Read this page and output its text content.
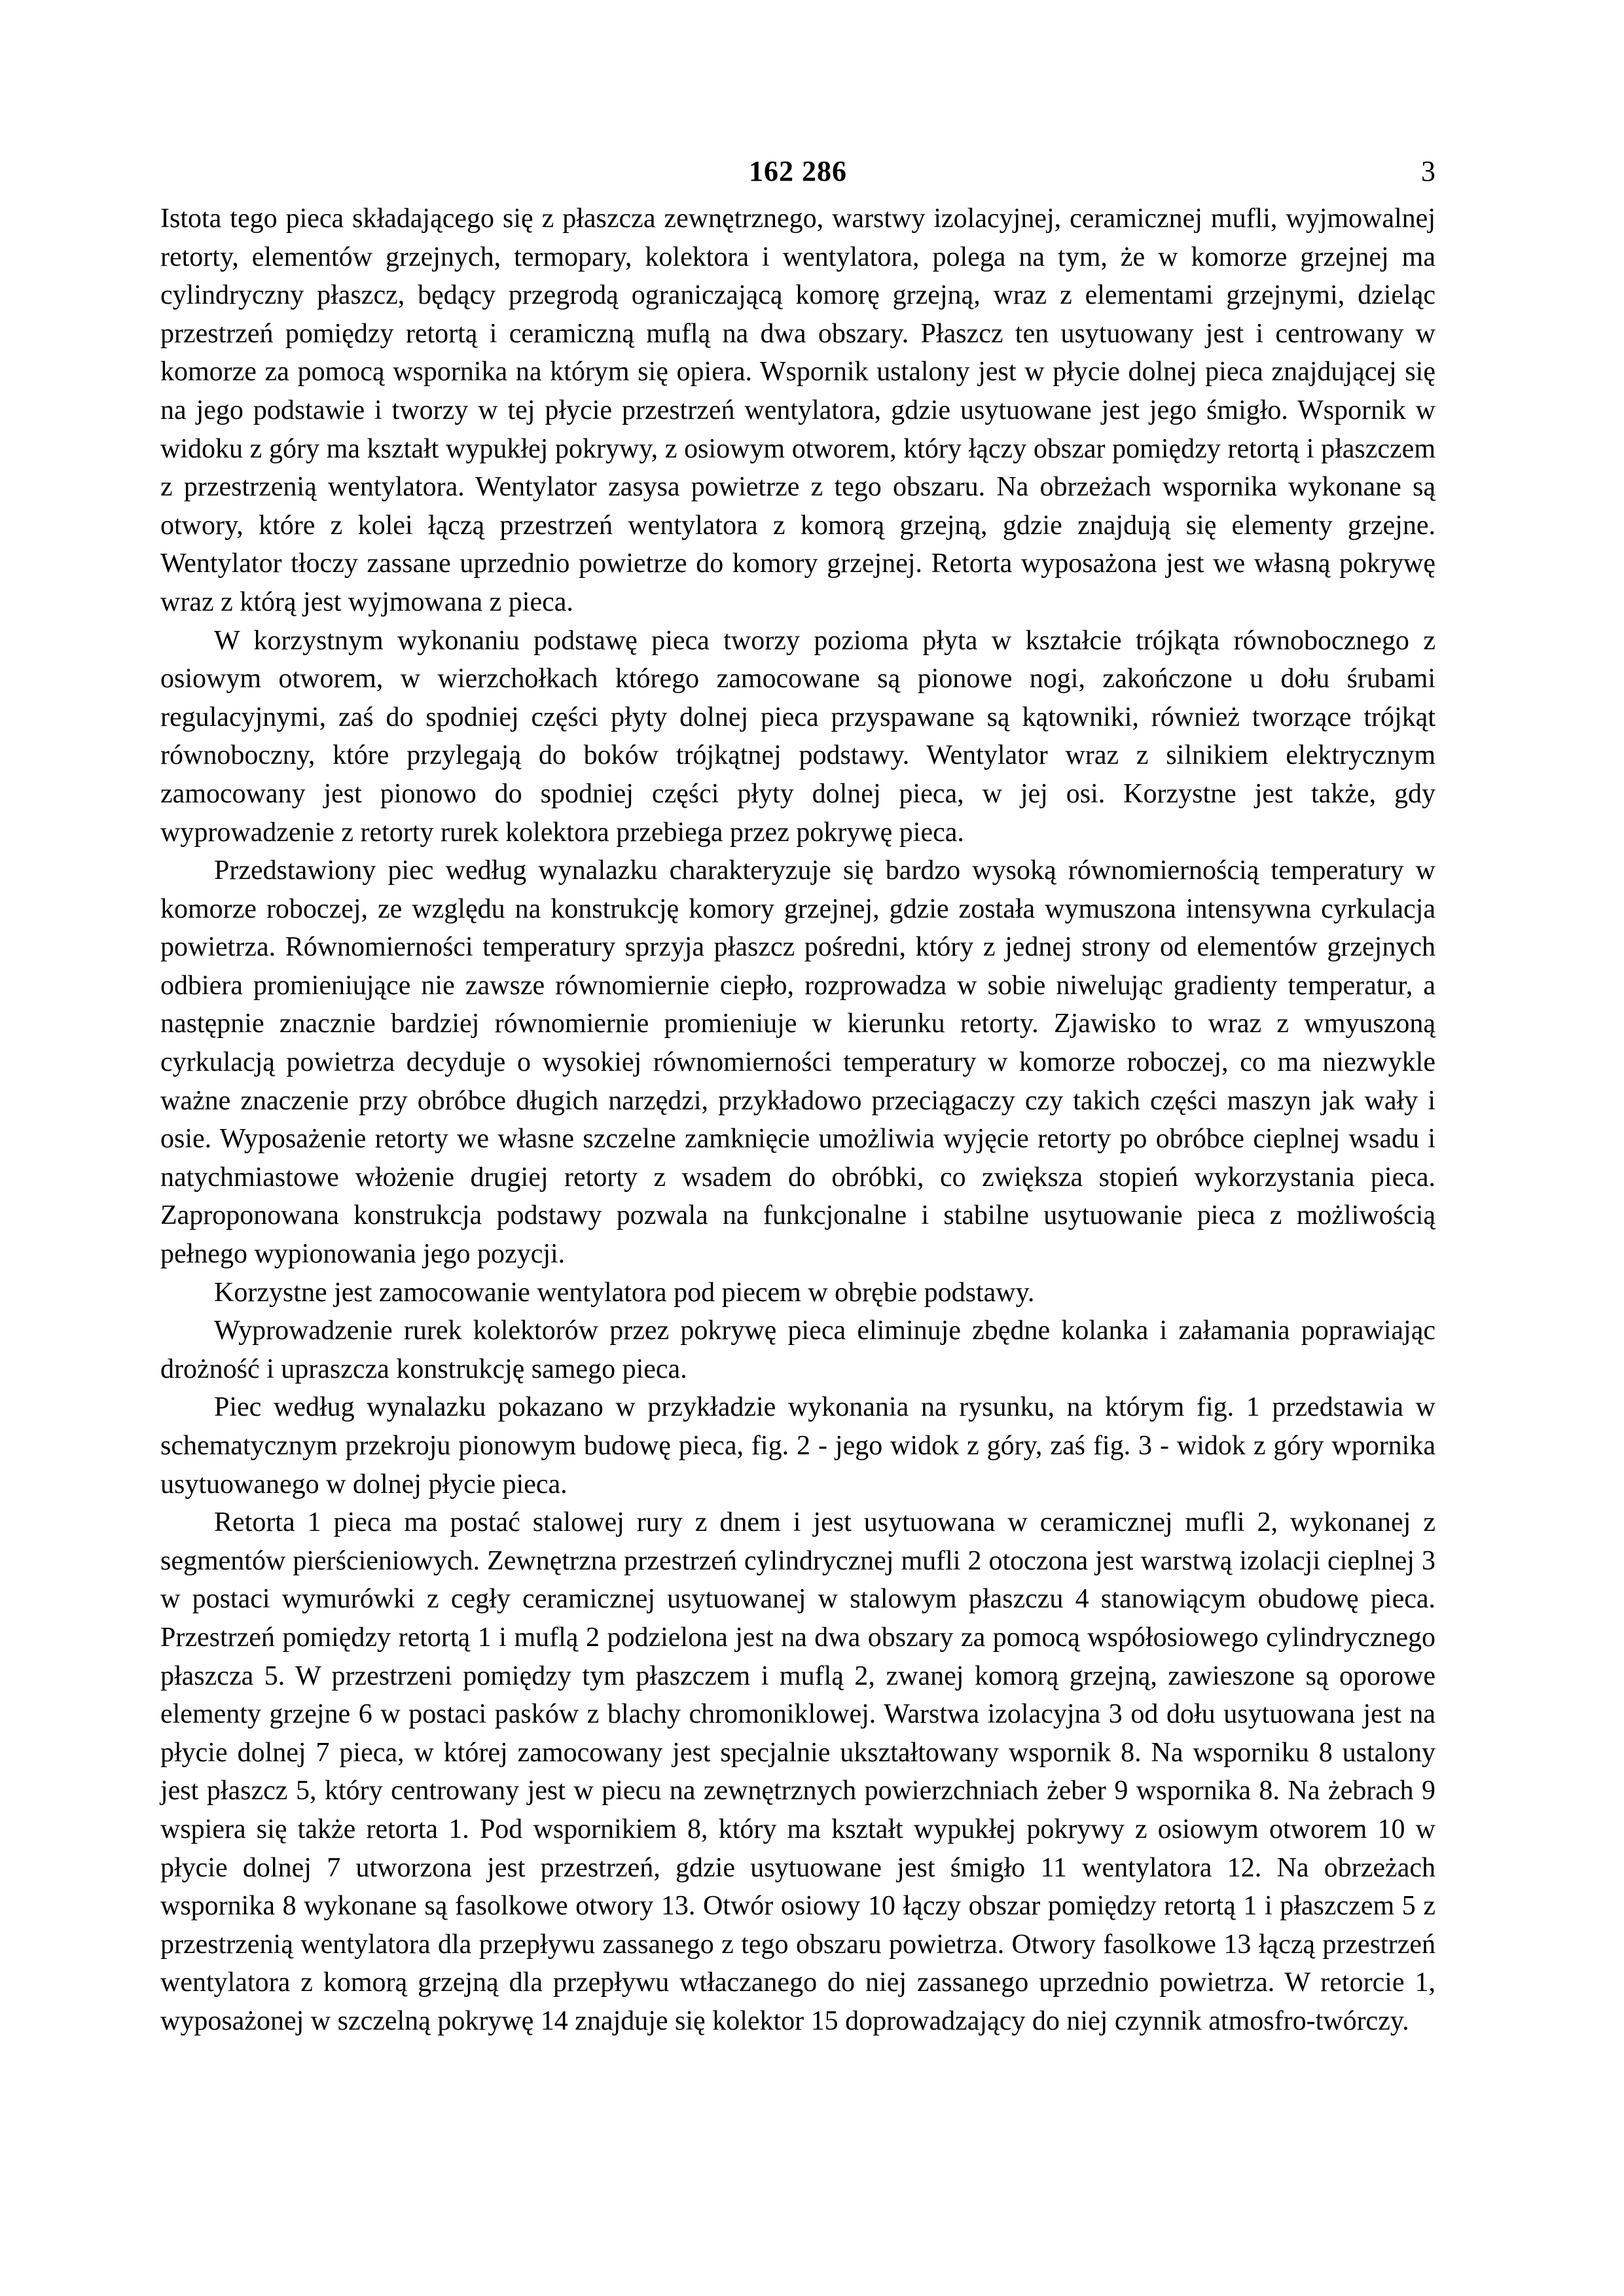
162 286	3

Istota tego pieca składającego się z płaszcza zewnętrznego, warstwy izolacyjnej, ceramicznej mufli, wyjmowalnej retorty, elementów grzejnych, termopary, kolektora i wentylatora, polega na tym, że w komorze grzejnej ma cylindryczny płaszcz, będący przegrodą ograniczającą komorę grzejną, wraz z elementami grzejnymi, dzieląc przestrzeń pomiędzy retortą i ceramiczną muflą na dwa obszary. Płaszcz ten usytuowany jest i centrowany w komorze za pomocą wspornika na którym się opiera. Wspornik ustalony jest w płycie dolnej pieca znajdującej się na jego podstawie i tworzy w tej płycie przestrzeń wentylatora, gdzie usytuowane jest jego śmigło. Wspornik w widoku z góry ma kształt wypukłej pokrywy, z osiowym otworem, który łączy obszar pomiędzy retortą i płaszczem z przestrzenią wentylatora. Wentylator zasysa powietrze z tego obszaru. Na obrzeżach wspornika wykonane są otwory, które z kolei łączą przestrzeń wentylatora z komorą grzejną, gdzie znajdują się elementy grzejne. Wentylator tłoczy zassane uprzednio powietrze do komory grzejnej. Retorta wyposażona jest we własną pokrywę wraz z którą jest wyjmowana z pieca.

W korzystnym wykonaniu podstawę pieca tworzy pozioma płyta w kształcie trójkąta równobocznego z osiowym otworem, w wierzchołkach którego zamocowane są pionowe nogi, zakończone u dołu śrubami regulacyjnymi, zaś do spodniej części płyty dolnej pieca przyspawane są kątowniki, również tworzące trójkąt równoboczny, które przylegają do boków trójkątnej podstawy. Wentylator wraz z silnikiem elektrycznym zamocowany jest pionowo do spodniej części płyty dolnej pieca, w jej osi. Korzystne jest także, gdy wyprowadzenie z retorty rurek kolektora przebiega przez pokrywę pieca.

Przedstawiony piec według wynalazku charakteryzuje się bardzo wysoką równomiernością temperatury w komorze roboczej, ze względu na konstrukcję komory grzejnej, gdzie została wymuszona intensywna cyrkulacja powietrza. Równomierności temperatury sprzyja płaszcz pośredni, który z jednej strony od elementów grzejnych odbiera promieniujące nie zawsze równomiernie ciepło, rozprowadza w sobie niwelując gradienty temperatur, a następnie znacznie bardziej równomiernie promieniuje w kierunku retorty. Zjawisko to wraz z wmyuszoną cyrkulacją powietrza decyduje o wysokiej równomierności temperatury w komorze roboczej, co ma niezwykle ważne znaczenie przy obróbce długich narzędzi, przykładowo przeciągaczy czy takich części maszyn jak wały i osie. Wyposażenie retorty we własne szczelne zamknięcie umożliwia wyjęcie retorty po obróbce cieplnej wsadu i natychmiastowe włożenie drugiej retorty z wsadem do obróbki, co zwiększa stopień wykorzystania pieca. Zaproponowana konstrukcja podstawy pozwala na funkcjonalne i stabilne usytuowanie pieca z możliwością pełnego wypionowania jego pozycji.

Korzystne jest zamocowanie wentylatora pod piecem w obrębie podstawy.

Wyprowadzenie rurek kolektorów przez pokrywę pieca eliminuje zbędne kolanka i załamania poprawiając drożność i upraszcza konstrukcję samego pieca.

Piec według wynalazku pokazano w przykładzie wykonania na rysunku, na którym fig. 1 przedstawia w schematycznym przekroju pionowym budowę pieca, fig. 2 - jego widok z góry, zaś fig. 3 - widok z góry wpornika usytuowanego w dolnej płycie pieca.

Retorta 1 pieca ma postać stalowej rury z dnem i jest usytuowana w ceramicznej mufli 2, wykonanej z segmentów pierścieniowych. Zewnętrzna przestrzeń cylindrycznej mufli 2 otoczona jest warstwą izolacji cieplnej 3 w postaci wymurówki z cegły ceramicznej usytuowanej w stalowym płaszczu 4 stanowiącym obudowę pieca. Przestrzeń pomiędzy retortą 1 i muflą 2 podzielona jest na dwa obszary za pomocą współosiowego cylindrycznego płaszcza 5. W przestrzeni pomiędzy tym płaszczem i muflą 2, zwanej komorą grzejną, zawieszone są oporowe elementy grzejne 6 w postaci pasków z blachy chromoniklowej. Warstwa izolacyjna 3 od dołu usytuowana jest na płycie dolnej 7 pieca, w której zamocowany jest specjalnie ukształtowany wspornik 8. Na wsporniku 8 ustalony jest płaszcz 5, który centrowany jest w piecu na zewnętrznych powierzchniach żeber 9 wspornika 8. Na żebrach 9 wspiera się także retorta 1. Pod wspornikiem 8, który ma kształt wypukłej pokrywy z osiowym otworem 10 w płycie dolnej 7 utworzona jest przestrzeń, gdzie usytuowane jest śmigło 11 wentylatora 12. Na obrzeżach wspornika 8 wykonane są fasolkowe otwory 13. Otwór osiowy 10 łączy obszar pomiędzy retortą 1 i płaszczem 5 z przestrzenią wentylatora dla przepływu zassanego z tego obszaru powietrza. Otwory fasolkowe 13 łączą przestrzeń wentylatora z komorą grzejną dla przepływu wtłaczanego do niej zassanego uprzednio powietrza. W retorcie 1, wyposażonej w szczelną pokrywę 14 znajduje się kolektor 15 doprowadzający do niej czynnik atmosfro-twórczy.
